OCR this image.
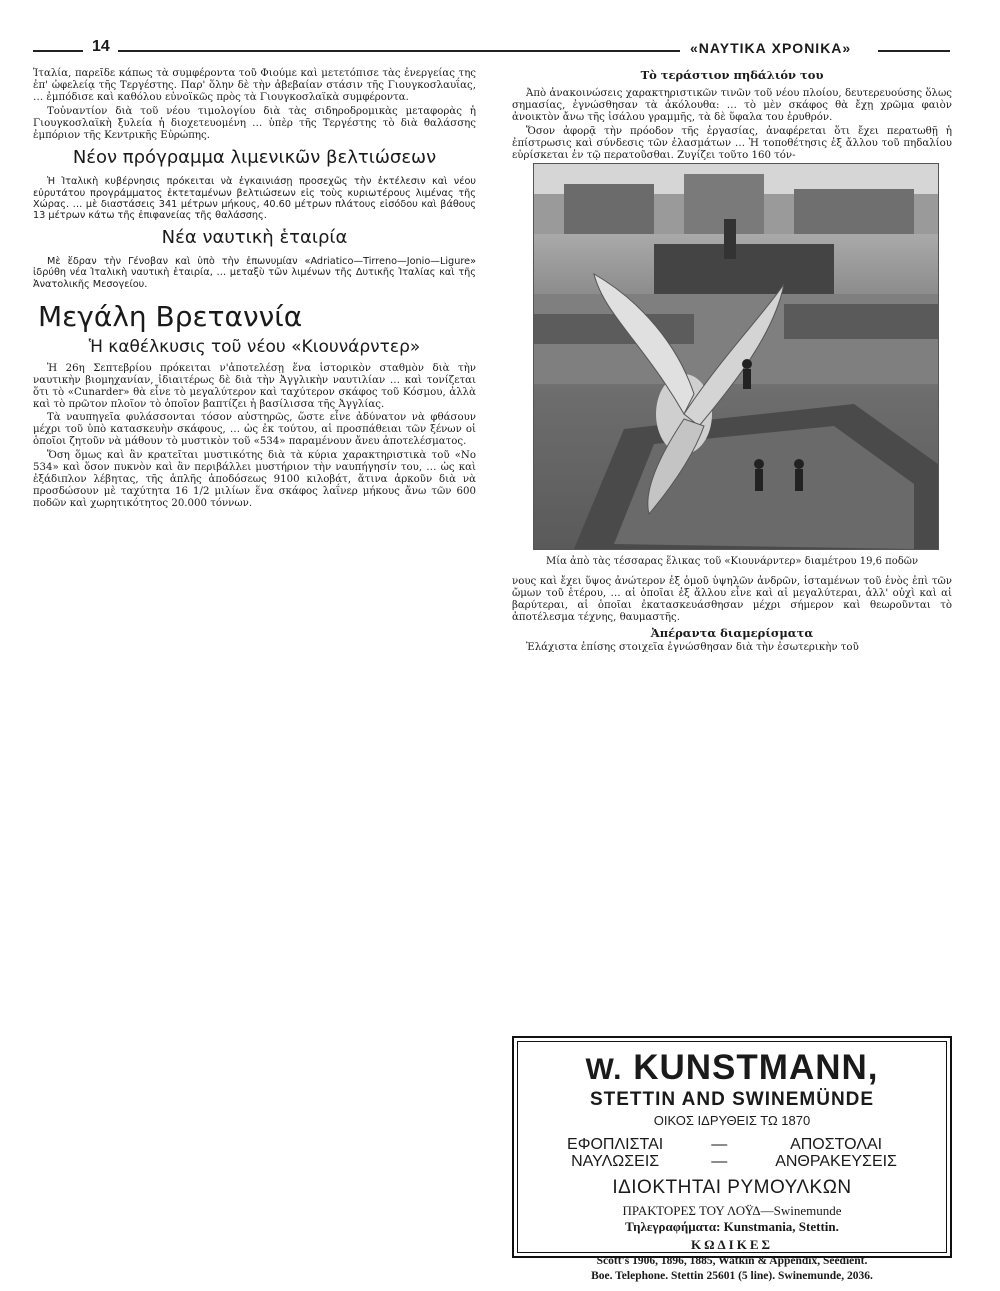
14	«ΝΑΥΤΙΚΑ ΧΡΟΝΙΚΑ»

Ἰταλία, παρεῖδε κάπως τὰ συμφέροντα τοῦ Φιούμε καὶ μετετόπισε τὰς ἐνεργείας της ἐπ' ὠφελείᾳ τῆς Τεργέστης. Παρ' ὅλην δὲ τὴν ἀβεβαίαν στάσιν τῆς Γιουγκοσλαυΐας, … ἐμπόδισε καὶ καθόλου εὐνοϊκῶς πρὸς τὰ Γιουγκοσλαϊκὰ συμφέροντα.

Τοὐναντίον διὰ τοῦ νέου τιμολογίου διὰ τὰς σιδηροδρομικὰς μεταφορὰς ἡ Γιουγκοσλαϊκὴ ξυλεία ἡ διοχετευομένη … ὑπὲρ τῆς Τεργέστης τὸ διὰ θαλάσσης ἐμπόριον τῆς Κεντρικῆς Εὐρώπης.

Νέον πρόγραμμα λιμενικῶν βελτιώσεων

Ἡ Ἰταλικὴ κυβέρνησις πρόκειται νὰ ἐγκαινιάσῃ προσεχῶς τὴν ἐκτέλεσιν καὶ νέου εὐρυτάτου προγράμματος ἐκτεταμένων βελτιώσεων εἰς τοὺς κυριωτέρους λιμένας τῆς Χώρας. … μὲ διαστάσεις 341 μέτρων μήκους, 40.60 μέτρων πλάτους εἰσόδου καὶ βάθους 13 μέτρων κάτω τῆς ἐπιφανείας τῆς θαλάσσης.

Νέα ναυτικὴ ἑταιρία

Μὲ ἕδραν τὴν Γένοβαν καὶ ὑπὸ τὴν ἐπωνυμίαν «Adriatico—Tirreno—Jonio—Ligure» ἱδρύθη νέα Ἰταλικὴ ναυτικὴ ἑταιρία, … μεταξὺ τῶν λιμένων τῆς Δυτικῆς Ἰταλίας καὶ τῆς Ἀνατολικῆς Μεσογείου.

Μεγάλη Βρεταννία
Ἡ καθέλκυσις τοῦ νέου «Κιουνάρντερ»

Ἡ 26η Σεπτεβρίου πρόκειται ν'ἀποτελέσῃ ἕνα ἱστορικὸν σταθμὸν διὰ τὴν ναυτικὴν βιομηχανίαν, ἰδιαιτέρως δὲ διὰ τὴν Ἀγγλικὴν ναυτιλίαν … καὶ τονίζεται ὅτι τὸ «Cunarder» θὰ εἶνε τὸ μεγαλύτερον καὶ ταχύτερον σκάφος τοῦ Κόσμου, ἀλλὰ καὶ τὸ πρῶτον πλοῖον τὸ ὁποῖον βαπτίζει ἡ βασίλισσα τῆς Ἀγγλίας.

Τὰ ναυπηγεῖα φυλάσσονται τόσον αὐστηρῶς, ὥστε εἶνε ἀδύνατον νὰ φθάσουν μέχρι τοῦ ὑπὸ κατασκευὴν σκάφους, … ὡς ἐκ τούτου, αἱ προσπάθειαι τῶν ξένων οἱ ὁποῖοι ζητοῦν νὰ μάθουν τὸ μυστικὸν τοῦ «534» παραμένουν ἄνευ ἀποτελέσματος.

Ὅση ὅμως καὶ ἂν κρατεῖται μυστικότης διὰ τὰ κύρια χαρακτηριστικὰ τοῦ «Νο 534» καὶ ὅσον πυκνὸν καὶ ἂν περιβάλλει μυστήριον τὴν ναυπήγησίν του, … ὡς καὶ ἐξάδιπλον λέβητας, τῆς ἁπλῆς ἀποδόσεως 9100 κιλοβάτ, ἅτινα ἀρκοῦν διὰ νὰ προσδώσουν μὲ ταχύτητα 16 1/2 μιλίων ἕνα σκάφος λαΐνερ μήκους ἄνω τῶν 600 ποδῶν καὶ χωρητικότητος 20.000 τόννων.

Τὸ τεράστιον πηδάλιόν του

Ἀπὸ ἀνακοινώσεις χαρακτηριστικῶν τινῶν τοῦ νέου πλοίου, δευτερευούσης ὅλως σημασίας, ἐγνώσθησαν τὰ ἀκόλουθα: … τὸ μὲν σκάφος θὰ ἔχῃ χρῶμα φαιὸν ἀνοικτὸν ἄνω τῆς ἰσάλου γραμμῆς, τὰ δὲ ὕφαλα του ἐρυθρόν.

Ὅσον ἀφορᾷ τὴν πρόοδον τῆς ἐργασίας, ἀναφέρεται ὅτι ἔχει περατωθῇ ἡ ἐπίστρωσις καὶ σύνδεσις τῶν ἐλασμάτων … Ἡ τοποθέτησις ἐξ ἄλλου τοῦ πηδαλίου εὑρίσκεται ἐν τῷ περατοῦσθαι. Ζυγίζει τοῦτο 160 τόν-

Μία ἀπὸ τὰς τέσσαρας ἕλικας τοῦ «Κιουνάρντερ» διαμέτρου 19,6 ποδῶν

νους καὶ ἔχει ὕψος ἀνώτερον ἐξ ὁμοῦ ὑψηλῶν ἀνδρῶν, ἱσταμένων τοῦ ἑνὸς ἐπὶ τῶν ὤμων τοῦ ἑτέρου, … αἱ ὁποῖαι ἐξ ἄλλου εἶνε καὶ αἱ μεγαλύτεραι, ἀλλ' οὐχὶ καὶ αἱ βαρύτεραι, αἱ ὁποῖαι ἐκατασκευάσθησαν μέχρι σήμερον καὶ θεωροῦνται τὸ ἀποτέλεσμα τέχνης, θαυμαστῆς.

Ἀπέραντα διαμερίσματα

Ἐλάχιστα ἐπίσης στοιχεῖα ἐγνώσθησαν διὰ τὴν ἐσωτερικὴν τοῦ

W. KUNSTMANN,
STETTIN AND SWINEMÜNDE
ΟΙΚΟΣ ΙΔΡΥΘΕΙΣ ΤΩ 1870
ΕΦΟΠΛΙΣΤΑΙ
ΝΑΥΛΩΣΕΙΣ
—
—
ΑΠΟΣΤΟΛΑΙ
ΑΝΘΡΑΚΕΥΣΕΙΣ
ΙΔΙΟΚΤΗΤΑΙ ΡΥΜΟΥΛΚΩΝ
ΠΡΑΚΤΟΡΕΣ ΤΟΥ ΛΟΫΔ—Swinemunde
Τηλεγραφήματα: Kunstmania, Stettin.
ΚΩΔΙΚΕΣ
Scott's 1906, 1896, 1885, Watkin & Appendix, Seedient.
Boe. Telephone. Stettin 25601 (5 line). Swinemunde, 2036.
